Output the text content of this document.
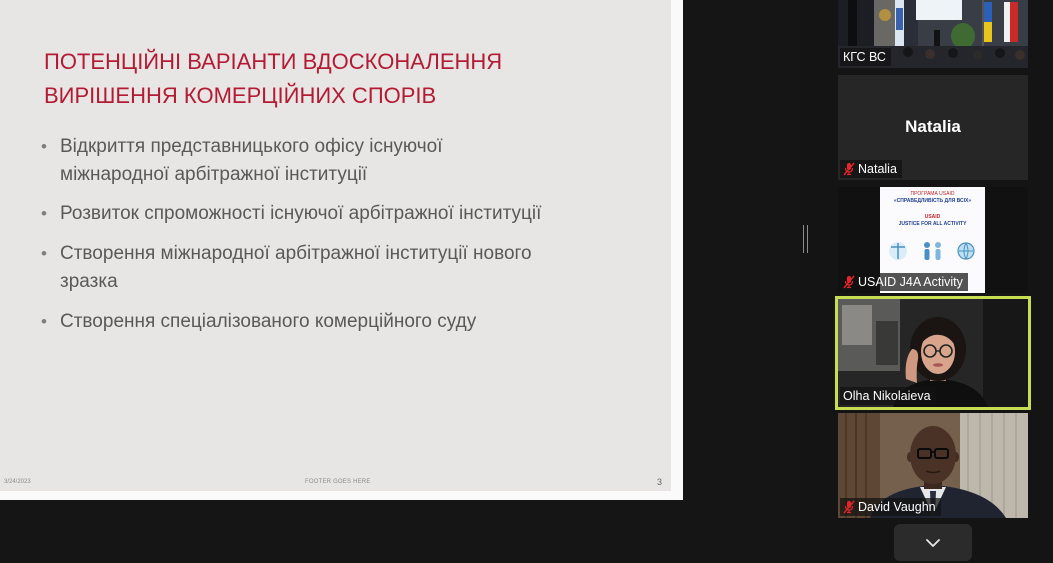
ПОТЕНЦІЙНІ ВАРІАНТИ ВДОСКОНАЛЕННЯ
ВИРІШЕННЯ КОМЕРЦІЙНИХ СПОРІВ
• Відкриття представницького офісу існуючої
міжнародної арбітражної інституції
• Розвиток спроможності існуючої арбітражної інституції
• Створення міжнародної арбітражної інституції нового
зразка
• Створення спеціалізованого комерційного суду
3/24/2023	FOOTER GOES HERE	3
КГС ВС
Natalia
Natalia
ПРОГРАМА USAID
«СПРАВЕДЛИВІСТЬ ДЛЯ ВСІХ»
USAID
JUSTICE FOR ALL ACTIVITY
USAID J4A Activity
Olha Nikolaieva
David Vaughn
